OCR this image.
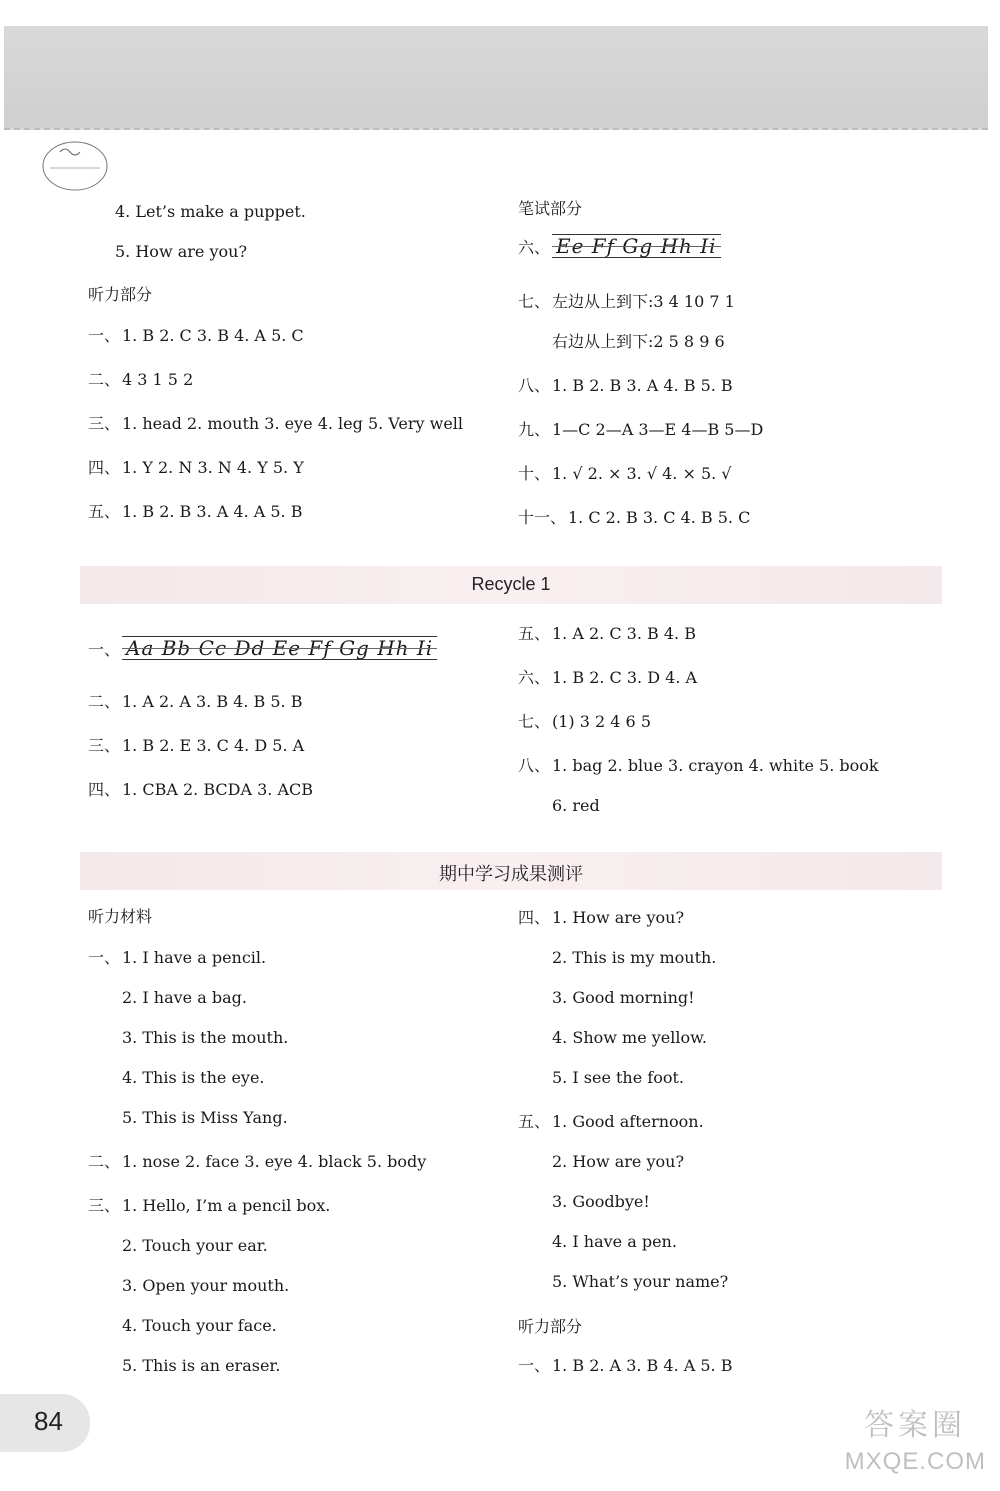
4. Let’s make a puppet.
5. How are you?
听力部分
一、 1. B 2. C 3. B 4. A 5. C
二、 4 3 1 5 2
三、 1. head 2. mouth 3. eye 4. leg 5. Very well
四、 1. Y 2. N 3. N 4. Y 5. Y
五、 1. B 2. B 3. A 4. A 5. B
笔试部分
六、 Ee Ff Gg Hh Ii
七、 左边从上到下:3 4 10 7 1
右边从上到下:2 5 8 9 6
八、 1. B 2. B 3. A 4. B 5. B
九、 1—C 2—A 3—E 4—B 5—D
十、 1. √ 2. × 3. √ 4. × 5. √
十一、 1. C 2. B 3. C 4. B 5. C
Recycle 1
一、 Aa Bb Cc Dd Ee Ff Gg Hh Ii
二、 1. A 2. A 3. B 4. B 5. B
三、 1. B 2. E 3. C 4. D 5. A
四、 1. CBA 2. BCDA 3. ACB
五、 1. A 2. C 3. B 4. B
六、 1. B 2. C 3. D 4. A
七、 (1) 3 2 4 6 5
八、 1. bag 2. blue 3. crayon 4. white 5. book
6. red
期中学习成果测评
听力材料
一、 1. I have a pencil.
2. I have a bag.
3. This is the mouth.
4. This is the eye.
5. This is Miss Yang.
二、 1. nose 2. face 3. eye 4. black 5. body
三、 1. Hello, I’m a pencil box.
2. Touch your ear.
3. Open your mouth.
4. Touch your face.
5. This is an eraser.
四、 1. How are you?
2. This is my mouth.
3. Good morning!
4. Show me yellow.
5. I see the foot.
五、 1. Good afternoon.
2. How are you?
3. Goodbye!
4. I have a pen.
5. What’s your name?
听力部分
一、 1. B 2. A 3. B 4. A 5. B
84	答案圈
MXQE.COM
